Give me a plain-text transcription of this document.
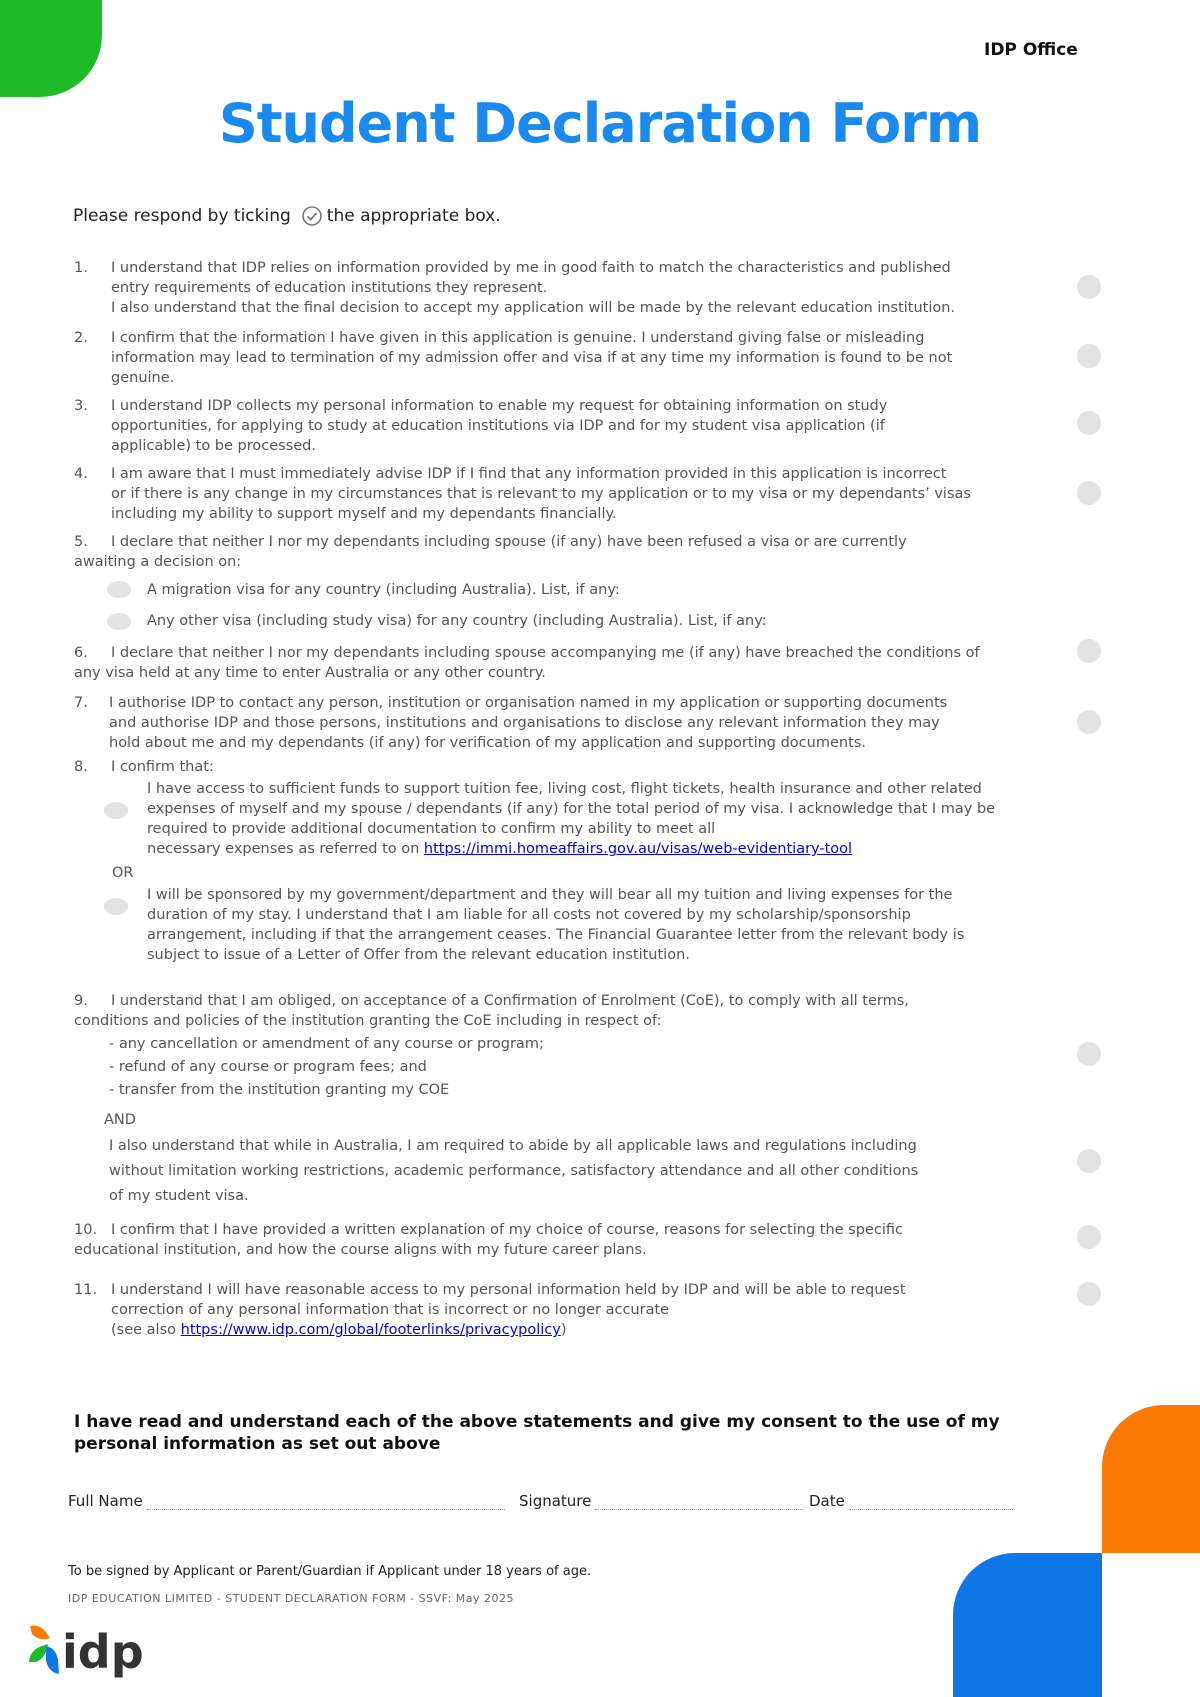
IDP Office
Student Declaration Form
Please respond by ticking the appropriate box.
1. I understand that IDP relies on information provided by me in good faith to match the characteristics and published
entry requirements of education institutions they represent.
I also understand that the final decision to accept my application will be made by the relevant education institution.
2. I confirm that the information I have given in this application is genuine. I understand giving false or misleading
information may lead to termination of my admission offer and visa if at any time my information is found to be not
genuine.
3. I understand IDP collects my personal information to enable my request for obtaining information on study
opportunities, for applying to study at education institutions via IDP and for my student visa application (if
applicable) to be processed.
4. I am aware that I must immediately advise IDP if I find that any information provided in this application is incorrect
or if there is any change in my circumstances that is relevant to my application or to my visa or my dependants’ visas
including my ability to support myself and my dependants financially.
5. I declare that neither I nor my dependants including spouse (if any) have been refused a visa or are currently
awaiting a decision on:
A migration visa for any country (including Australia). List, if any:
Any other visa (including study visa) for any country (including Australia). List, if any:
6. I declare that neither I nor my dependants including spouse accompanying me (if any) have breached the conditions of
any visa held at any time to enter Australia or any other country.
7. I authorise IDP to contact any person, institution or organisation named in my application or supporting documents
and authorise IDP and those persons, institutions and organisations to disclose any relevant information they may
hold about me and my dependants (if any) for verification of my application and supporting documents.
8. I confirm that:
I have access to sufficient funds to support tuition fee, living cost, flight tickets, health insurance and other related
expenses of myself and my spouse / dependants (if any) for the total period of my visa. I acknowledge that I may be
required to provide additional documentation to confirm my ability to meet all
necessary expenses as referred to on https://immi.homeaffairs.gov.au/visas/web-evidentiary-tool
OR
I will be sponsored by my government/department and they will bear all my tuition and living expenses for the
duration of my stay. I understand that I am liable for all costs not covered by my scholarship/sponsorship
arrangement, including if that the arrangement ceases. The Financial Guarantee letter from the relevant body is
subject to issue of a Letter of Offer from the relevant education institution.
9. I understand that I am obliged, on acceptance of a Confirmation of Enrolment (CoE), to comply with all terms,
conditions and policies of the institution granting the CoE including in respect of:
- any cancellation or amendment of any course or program;
- refund of any course or program fees; and
- transfer from the institution granting my COE
AND
I also understand that while in Australia, I am required to abide by all applicable laws and regulations including
without limitation working restrictions, academic performance, satisfactory attendance and all other conditions
of my student visa.
10. I confirm that I have provided a written explanation of my choice of course, reasons for selecting the specific
educational institution, and how the course aligns with my future career plans.
11. I understand I will have reasonable access to my personal information held by IDP and will be able to request
correction of any personal information that is incorrect or no longer accurate
(see also https://www.idp.com/global/footerlinks/privacypolicy)
I have read and understand each of the above statements and give my consent to the use of my personal information as set out above
Full Name	Signature	Date
To be signed by Applicant or Parent/Guardian if Applicant under 18 years of age.
IDP EDUCATION LIMITED - STUDENT DECLARATION FORM - SSVF: May 2025
idp
